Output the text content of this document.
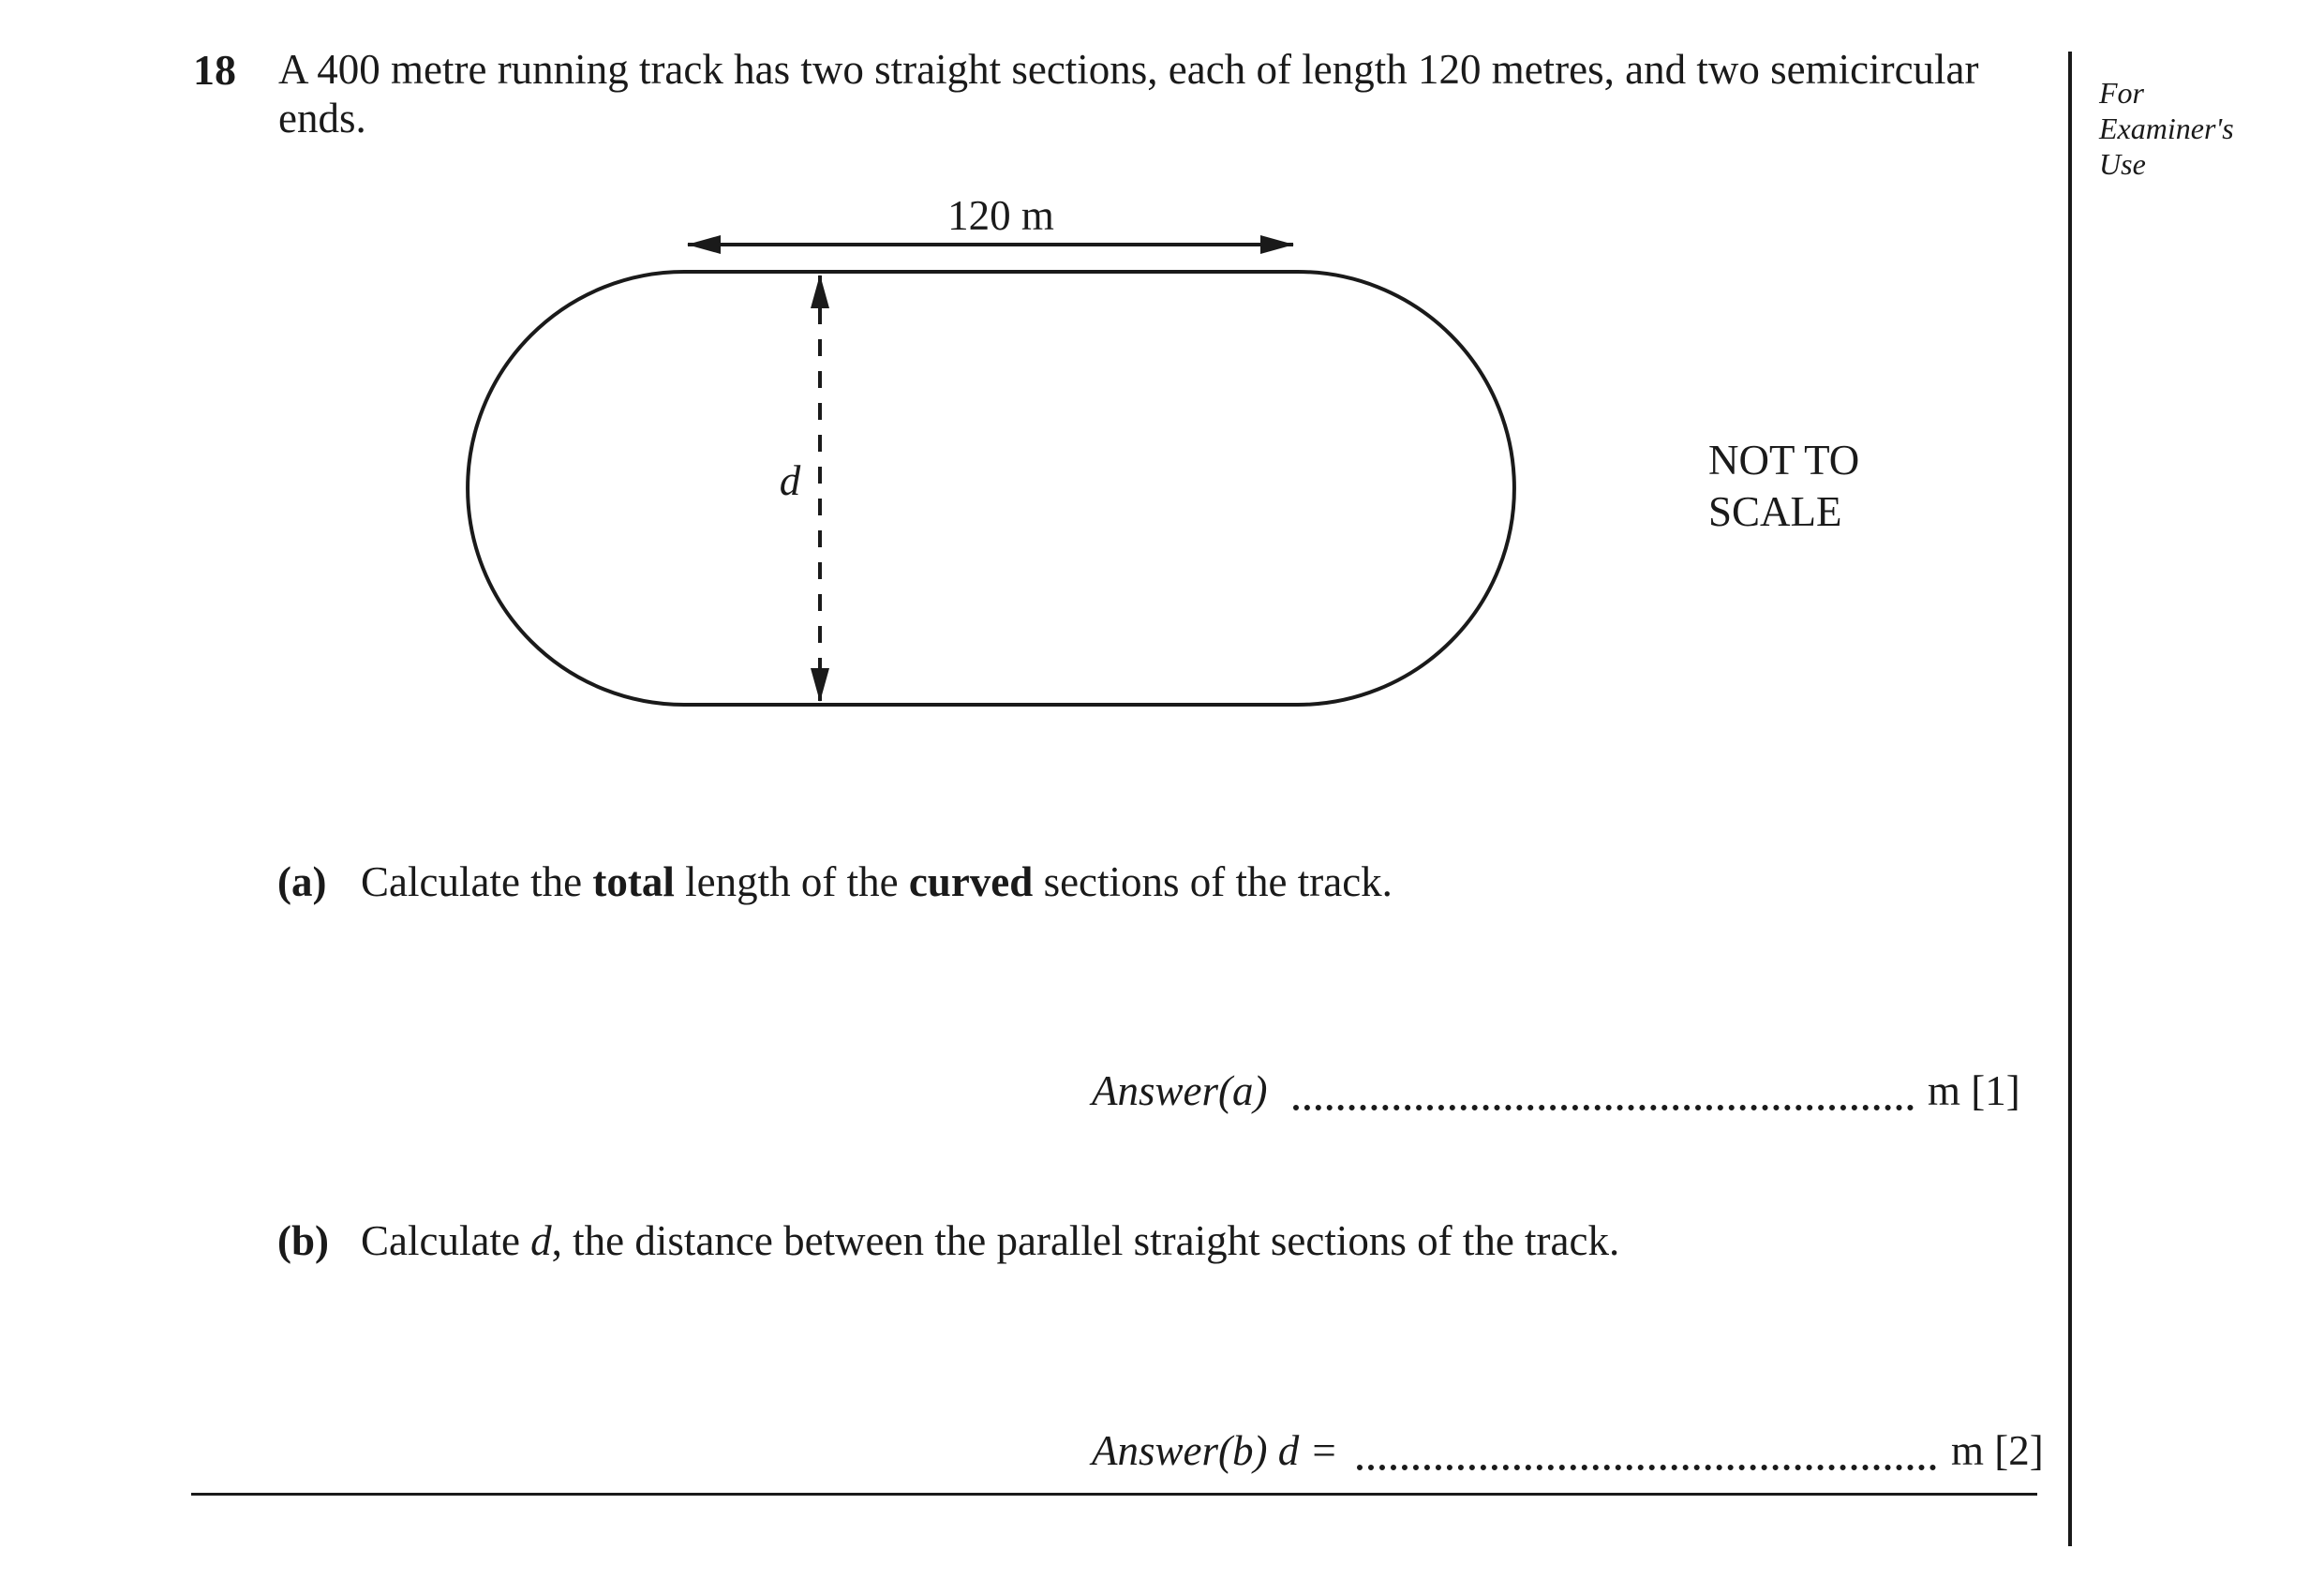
18 A 400 metre running track has two straight sections, each of length 120 metres, and two semicircular
ends.
For
Examiner's
Use
120 m
d	NOT TO
SCALE
(a) Calculate the total length of the curved sections of the track.
Answer(a)	m [1]
(b) Calculate d, the distance between the parallel straight sections of the track.
Answer(b) d =	m [2]
